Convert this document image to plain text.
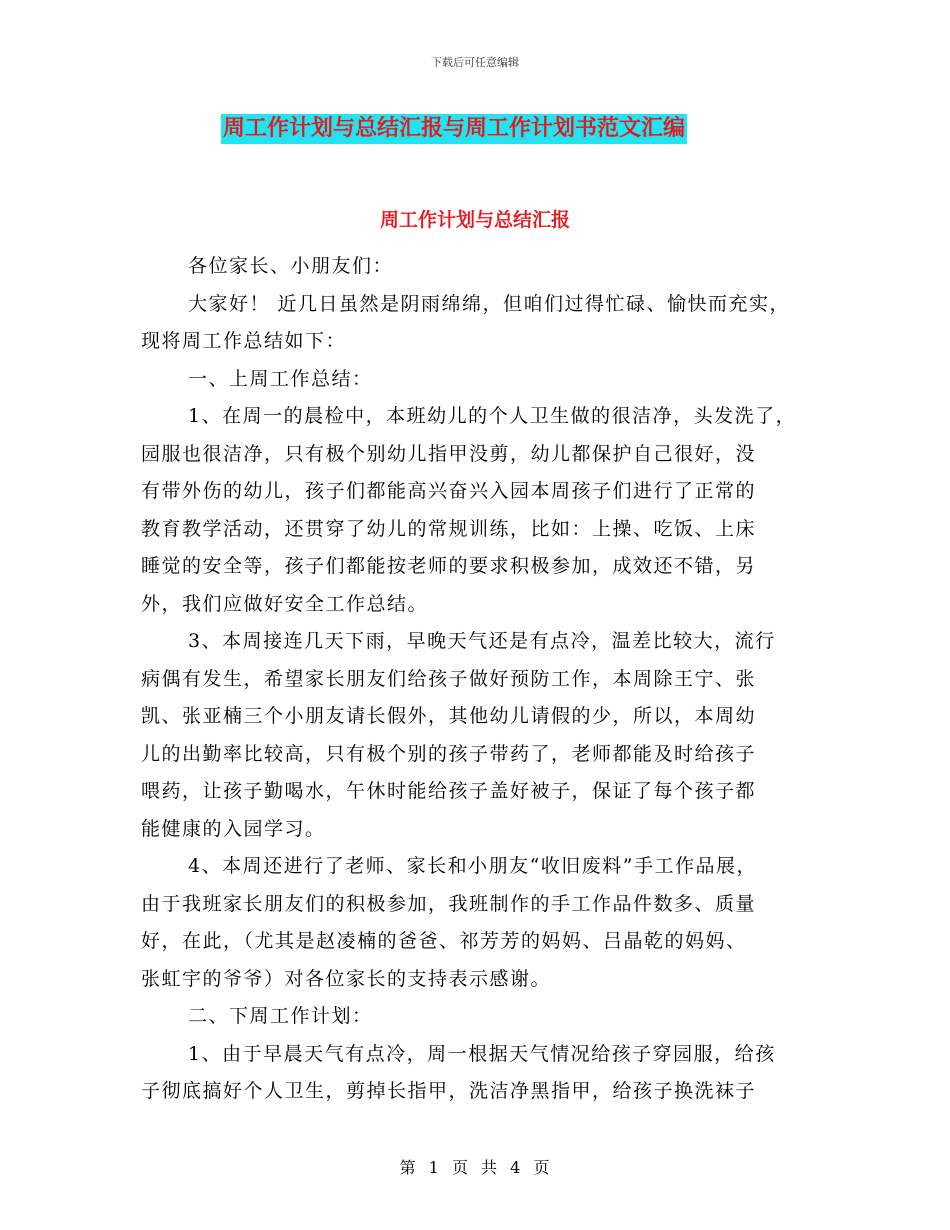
下载后可任意编辑
周工作计划与总结汇报与周工作计划书范文汇编
周工作计划与总结汇报
各位家长、小朋友们：
大家好！ 近几日虽然是阴雨绵绵，但咱们过得忙碌、愉快而充实，
现将周工作总结如下：
一、上周工作总结：
1、在周一的晨检中，本班幼儿的个人卫生做的很洁净，头发洗了，
园服也很洁净，只有极个别幼儿指甲没剪，幼儿都保护自己很好，没
有带外伤的幼儿，孩子们都能高兴奋兴入园本周孩子们进行了正常的
教育教学活动，还贯穿了幼儿的常规训练，比如：上操、吃饭、上床
睡觉的安全等，孩子们都能按老师的要求积极参加，成效还不错，另
外，我们应做好安全工作总结。
3、本周接连几天下雨，早晚天气还是有点冷，温差比较大，流行
病偶有发生，希望家长朋友们给孩子做好预防工作，本周除王宁、张
凯、张亚楠三个小朋友请长假外，其他幼儿请假的少，所以，本周幼
儿的出勤率比较高，只有极个别的孩子带药了，老师都能及时给孩子
喂药，让孩子勤喝水，午休时能给孩子盖好被子，保证了每个孩子都
能健康的入园学习。
4、本周还进行了老师、家长和小朋友“收旧废料”手工作品展，
由于我班家长朋友们的积极参加，我班制作的手工作品件数多、质量
好，在此，（尤其是赵凌楠的爸爸、祁芳芳的妈妈、吕晶乾的妈妈、
张虹宇的爷爷）对各位家长的支持表示感谢。
二、下周工作计划：
1、由于早晨天气有点冷，周一根据天气情况给孩子穿园服，给孩
子彻底搞好个人卫生，剪掉长指甲，洗洁净黑指甲，给孩子换洗袜子
第 1 页 共 4 页
